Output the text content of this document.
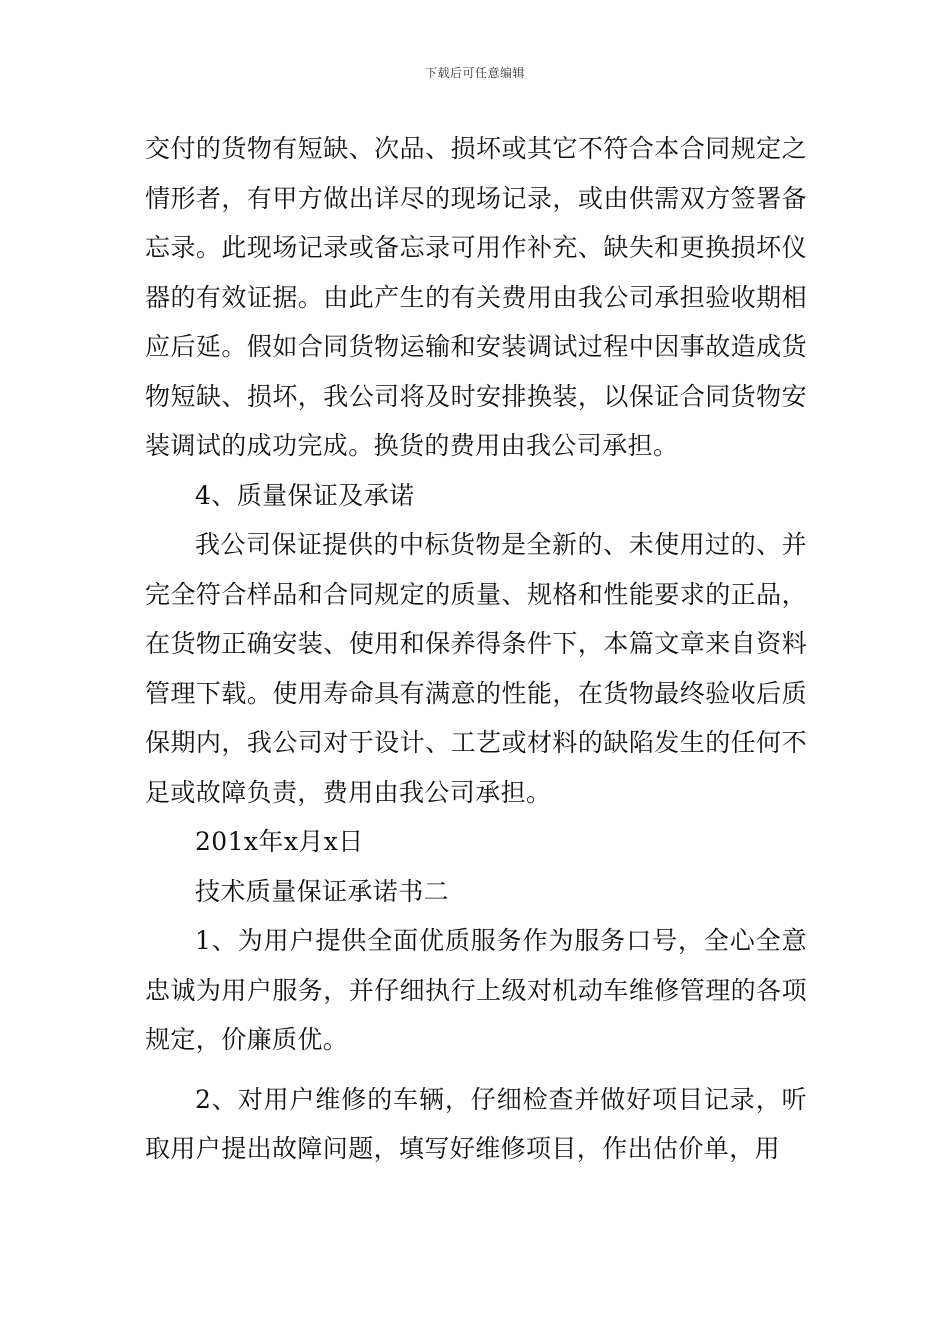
下载后可任意编辑

交付的货物有短缺、次品、损坏或其它不符合本合同规定之情形者，有甲方做出详尽的现场记录，或由供需双方签署备忘录。此现场记录或备忘录可用作补充、缺失和更换损坏仪器的有效证据。由此产生的有关费用由我公司承担验收期相应后延。假如合同货物运输和安装调试过程中因事故造成货物短缺、损坏，我公司将及时安排换装，以保证合同货物安装调试的成功完成。换货的费用由我公司承担。

4、质量保证及承诺

我公司保证提供的中标货物是全新的、未使用过的、并完全符合样品和合同规定的质量、规格和性能要求的正品，在货物正确安装、使用和保养得条件下，本篇文章来自资料管理下载。使用寿命具有满意的性能，在货物最终验收后质保期内，我公司对于设计、工艺或材料的缺陷发生的任何不足或故障负责，费用由我公司承担。

201x年x月x日

技术质量保证承诺书二

1、为用户提供全面优质服务作为服务口号，全心全意忠诚为用户服务，并仔细执行上级对机动车维修管理的各项规定，价廉质优。

2、对用户维修的车辆，仔细检查并做好项目记录，听取用户提出故障问题，填写好维修项目，作出估价单，用
